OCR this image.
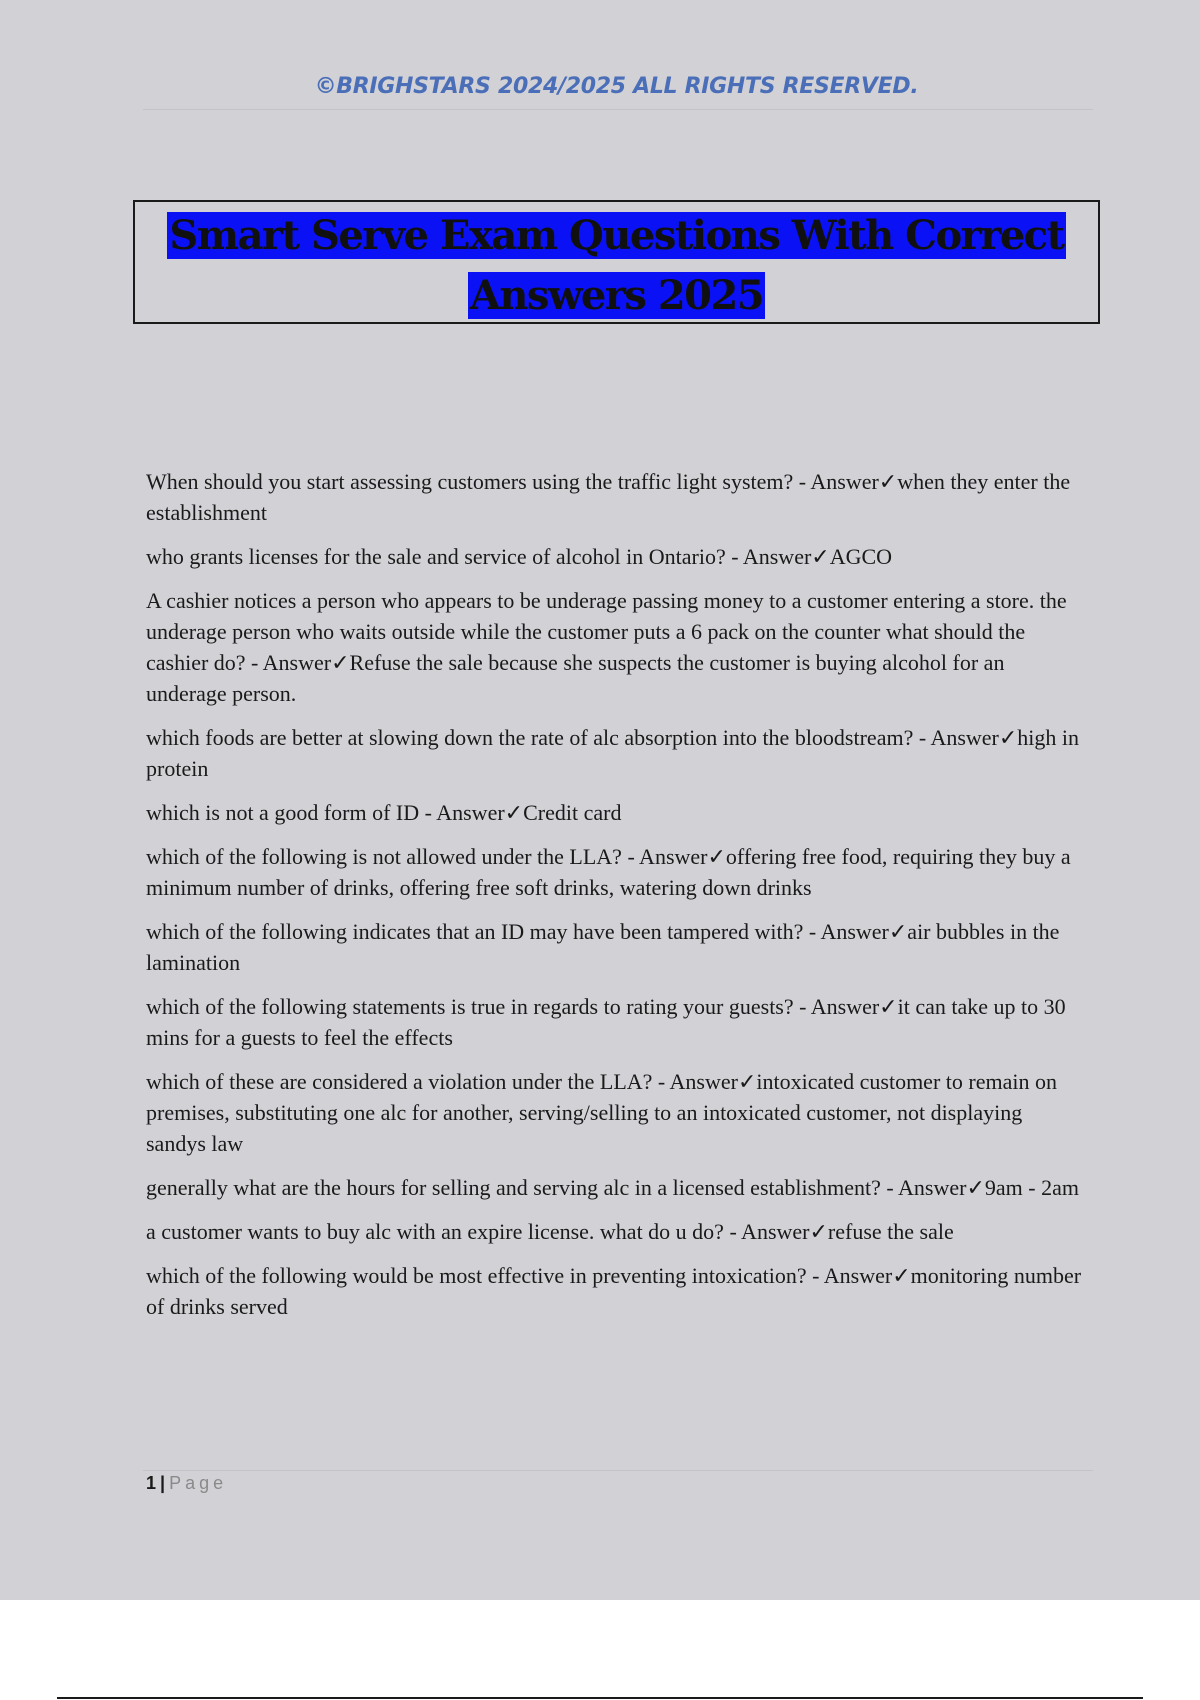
©BRIGHSTARS 2024/2025 ALL RIGHTS RESERVED.
Smart Serve Exam Questions With Correct
Answers 2025

When should you start assessing customers using the traffic light system? - Answer✓when they enter the establishment

who grants licenses for the sale and service of alcohol in Ontario? - Answer✓AGCO

A cashier notices a person who appears to be underage passing money to a customer entering a store. the underage person who waits outside while the customer puts a 6 pack on the counter what should the cashier do? - Answer✓Refuse the sale because she suspects the customer is buying alcohol for an underage person.

which foods are better at slowing down the rate of alc absorption into the bloodstream? - Answer✓high in protein

which is not a good form of ID - Answer✓Credit card

which of the following is not allowed under the LLA? - Answer✓offering free food, requiring they buy a minimum number of drinks, offering free soft drinks, watering down drinks

which of the following indicates that an ID may have been tampered with? - Answer✓air bubbles in the lamination

which of the following statements is true in regards to rating your guests? - Answer✓it can take up to 30 mins for a guests to feel the effects

which of these are considered a violation under the LLA? - Answer✓intoxicated customer to remain on premises, substituting one alc for another, serving/selling to an intoxicated customer, not displaying sandys law

generally what are the hours for selling and serving alc in a licensed establishment? - Answer✓9am - 2am

a customer wants to buy alc with an expire license. what do u do? - Answer✓refuse the sale

which of the following would be most effective in preventing intoxication? - Answer✓monitoring number of drinks served

1 | Page
